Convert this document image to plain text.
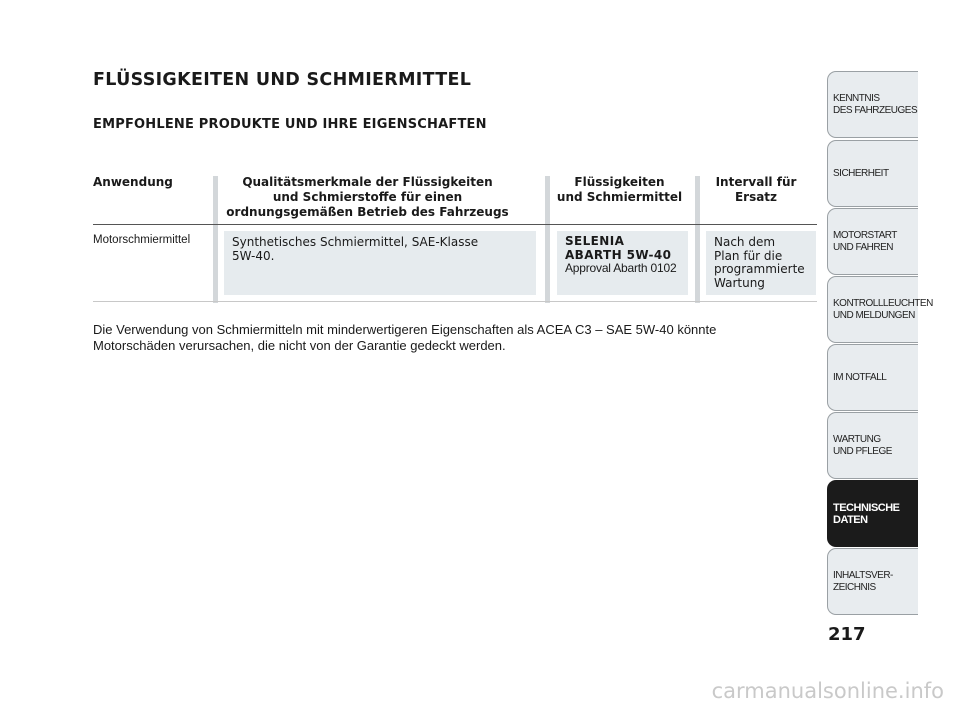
FLÜSSIGKEITEN UND SCHMIERMITTEL
EMPFOHLENE PRODUKTE UND IHRE EIGENSCHAFTEN
Anwendung	Qualitätsmerkmale der Flüssigkeiten
und Schmierstoffe für einen
ordnungsgemäßen Betrieb des Fahrzeugs
Flüssigkeiten
und Schmiermittel
Intervall für
Ersatz
Motorschmiermittel	Synthetisches Schmiermittel, SAE-Klasse
5W-40.
SELENIA
ABARTH 5W-40
Approval Abarth 0102
Nach dem
Plan für die
programmierte
Wartung
Die Verwendung von Schmiermitteln mit minderwertigeren Eigenschaften als ACEA C3 – SAE 5W-40 könnte
Motorschäden verursachen, die nicht von der Garantie gedeckt werden.
KENNTNIS
DES FAHRZEUGES
SICHERHEIT
MOTORSTART
UND FAHREN
KONTROLLLEUCHTEN
UND MELDUNGEN
IM NOTFALL
WARTUNG
UND PFLEGE
TECHNISCHE
DATEN
INHALTSVER-
ZEICHNIS
217
carmanualsonline.info
